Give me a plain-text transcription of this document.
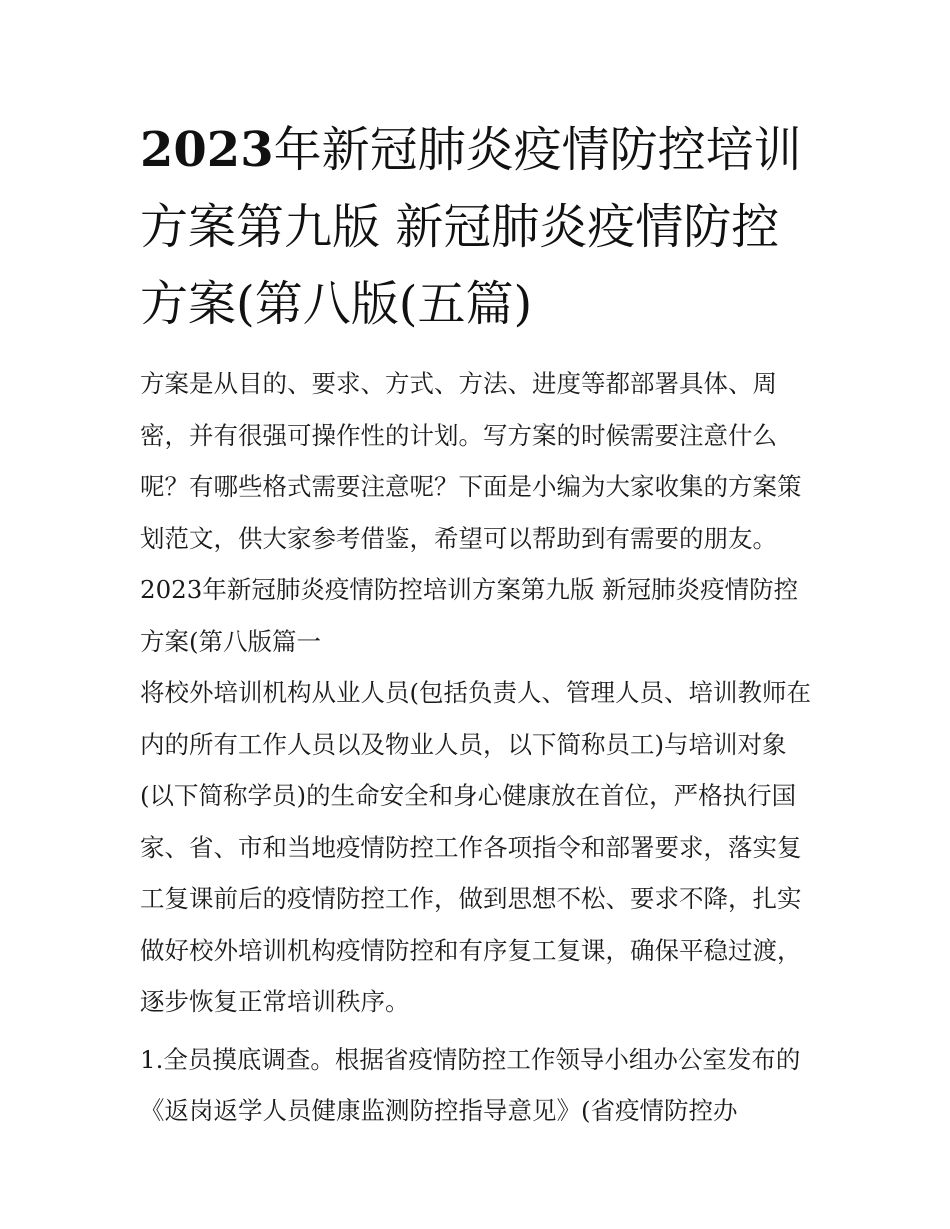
2023年新冠肺炎疫情防控培训方案第九版 新冠肺炎疫情防控方案(第八版(五篇)

方案是从目的、要求、方式、方法、进度等都部署具体、周密，并有很强可操作性的计划。写方案的时候需要注意什么呢？有哪些格式需要注意呢？下面是小编为大家收集的方案策划范文，供大家参考借鉴，希望可以帮助到有需要的朋友。

2023年新冠肺炎疫情防控培训方案第九版 新冠肺炎疫情防控方案(第八版篇一

将校外培训机构从业人员(包括负责人、管理人员、培训教师在内的所有工作人员以及物业人员，以下简称员工)与培训对象(以下简称学员)的生命安全和身心健康放在首位，严格执行国家、省、市和当地疫情防控工作各项指令和部署要求，落实复工复课前后的疫情防控工作，做到思想不松、要求不降，扎实做好校外培训机构疫情防控和有序复工复课，确保平稳过渡，逐步恢复正常培训秩序。

1.全员摸底调查。根据省疫情防控工作领导小组办公室发布的《返岗返学人员健康监测防控指导意见》(省疫情防控办
